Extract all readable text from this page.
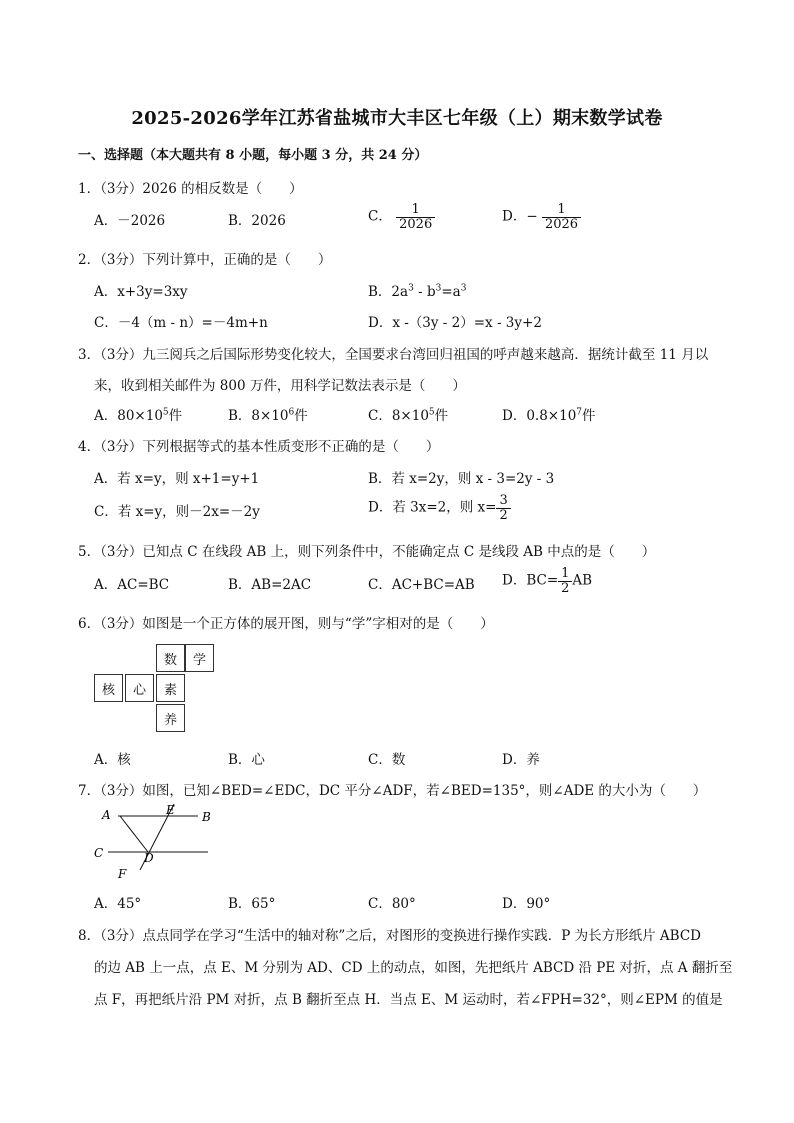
2025-2026学年江苏省盐城市大丰区七年级（上）期末数学试卷
一、选择题（本大题共有 8 小题，每小题 3 分，共 24 分）
1．（3分）2026 的相反数是（　　）
A．－2026	B．2026	C． $\frac{1}{2026}$	D．− $\frac{1}{2026}$
2．（3分）下列计算中，正确的是（　　）
A．x+3y=3xy	B．$2a^3 - b^3=a^3$
C．－4（m - n）=－4m+n	D．x -（3y - 2）=x - 3y+2
3．（3分）九三阅兵之后国际形势变化较大，全国要求台湾回归祖国的呼声越来越高．据统计截至 11 月以
来，收到相关邮件为 800 万件，用科学记数法表示是（　　）
A．$80\times 10^5$件	B．$8\times 10^6$件	C．$8\times 10^5$件	D．$0.8\times 10^7$件
4．（3分）下列根据等式的基本性质变形不正确的是（　　）
A．若 x=y，则 x+1=y+1	B．若 x=2y，则 x - 3=2y - 3
C．若 x=y，则－2x=－2y	D．若 3x=2，则 $x= \frac{3}{2}$
5．（3分）已知点 C 在线段 AB 上，则下列条件中，不能确定点 C 是线段 AB 中点的是（　　）
A．AC=BC	B．AB=2AC	C．AC+BC=AB D．$BC= \frac{1}{2}$ AB
6．（3分）如图是一个正方体的展开图，则与“学”字相对的是（　　）
数	学
核	心	素
养
A．核	B．心	C．数	D．养
7．（3分）如图，已知∠BED=∠EDC，DC 平分∠ADF，若∠BED=135°，则∠ADE 的大小为（　　）
A	E B
C	D
F
A．45°	B．65°	C．80°	D．90°
8．（3分）点点同学在学习“生活中的轴对称”之后，对图形的变换进行操作实践．P 为长方形纸片 ABCD
的边 AB 上一点，点 E、M 分别为 AD、CD 上的动点，如图，先把纸片 ABCD 沿 PE 对折，点 A 翻折至
点 F，再把纸片沿 PM 对折，点 B 翻折至点 H．当点 E、M 运动时，若∠FPH=32°，则∠EPM 的值是
